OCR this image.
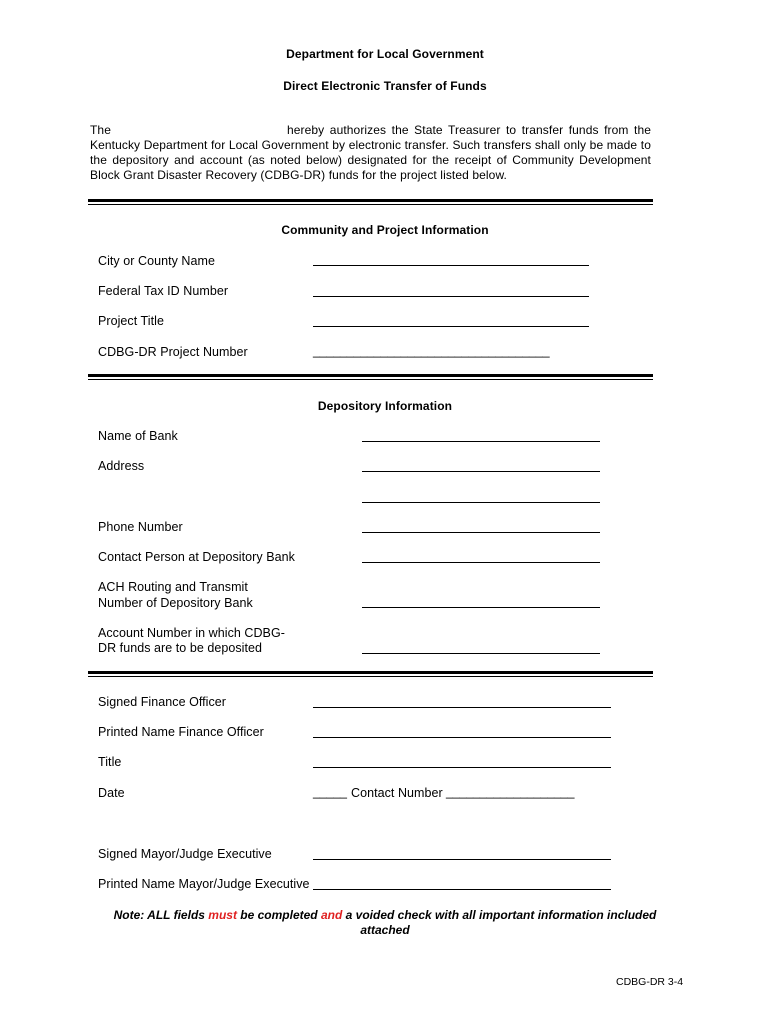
Department for Local Government
Direct Electronic Transfer of Funds
The	hereby authorizes the State Treasurer to transfer funds from the Kentucky Department for Local Government by electronic transfer. Such transfers shall only be made to the depository and account (as noted below) designated for the receipt of Community Development Block Grant Disaster Recovery (CDBG-DR) funds for the project listed below.
Community and Project Information
City or County Name
Federal Tax ID Number
Project Title
CDBG-DR Project Number	___________________________________
Depository Information
Name of Bank
Address
Phone Number
Contact Person at Depository Bank
ACH Routing and Transmit
Number of Depository Bank
Account Number in which CDBG-
DR funds are to be deposited
Signed Finance Officer
Printed Name Finance Officer
Title
Date	_____ Contact Number ___________________
Signed Mayor/Judge Executive
Printed Name Mayor/Judge Executive
Note: ALL fields must be completed and a voided check with all important information included
attached
CDBG-DR 3-4
